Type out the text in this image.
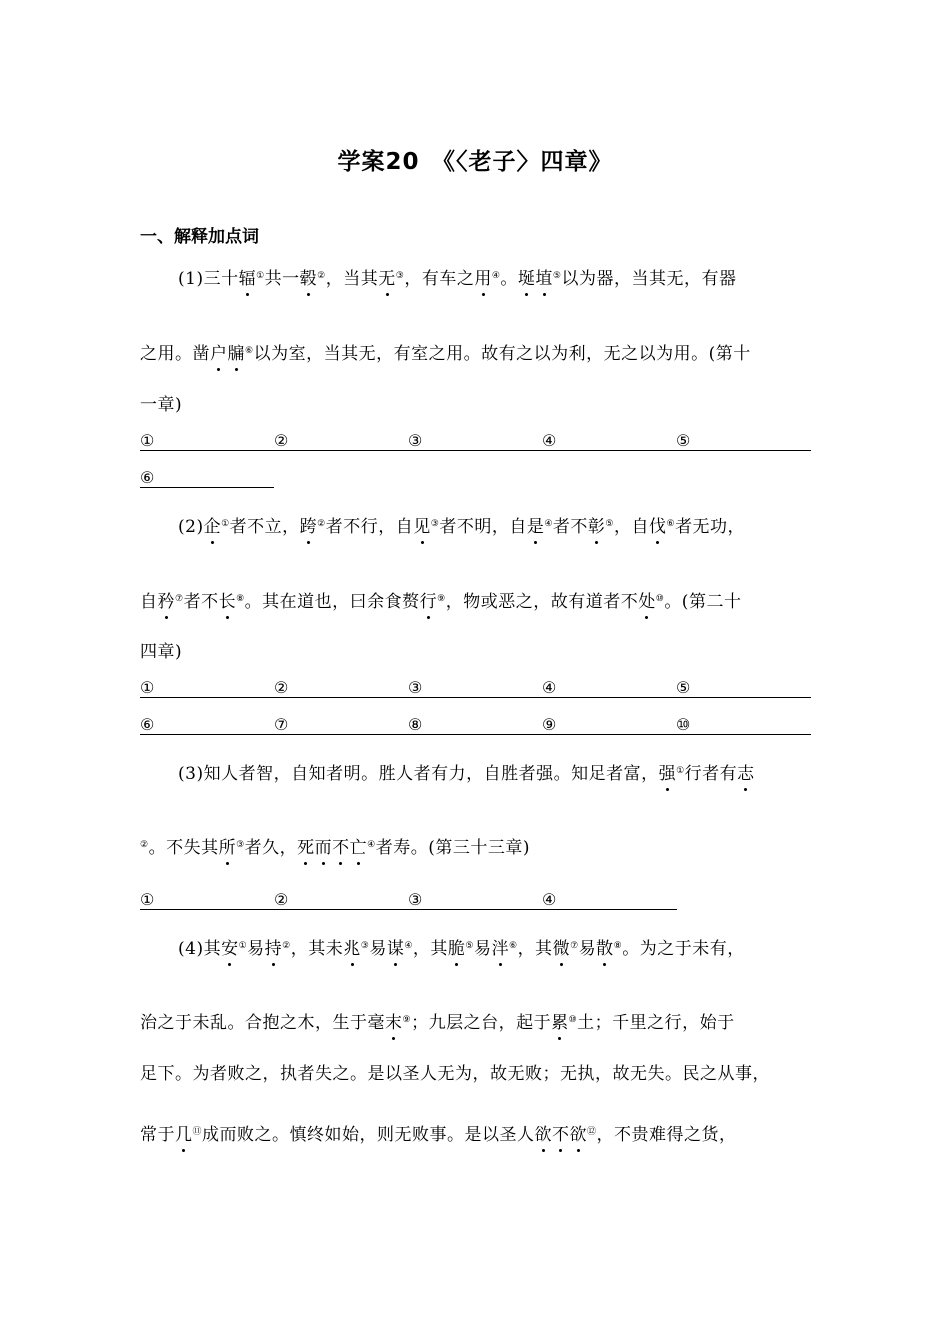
学案20　《〈老子〉四章》
一、解释加点词
(1)三十辐①共一毂②，当其无③，有车之用④。埏埴⑤以为器，当其无，有器
之用。凿户牖⑥以为室，当其无，有室之用。故有之以为利，无之以为用。(第十
一章)
①	②	③	④	⑤
⑥
(2)企①者不立，跨②者不行，自见③者不明，自是④者不彰⑤，自伐⑥者无功，
自矜⑦者不长⑧。其在道也，曰余食赘行⑨，物或恶之，故有道者不处⑩。(第二十
四章)
①	②	③	④	⑤
⑥	⑦	⑧	⑨	⑩
(3)知人者智，自知者明。胜人者有力，自胜者强。知足者富，强①行者有志
②。不失其所③者久，死而不亡④者寿。(第三十三章)
①	②	③	④
(4)其安①易持②，其未兆③易谋④，其脆⑤易泮⑥，其微⑦易散⑧。为之于未有，
治之于未乱。合抱之木，生于毫末⑨；九层之台，起于累⑩土；千里之行，始于
足下。为者败之，执者失之。是以圣人无为，故无败；无执，故无失。民之从事，
常于几⑪成而败之。慎终如始，则无败事。是以圣人欲不欲⑫，不贵难得之货，
